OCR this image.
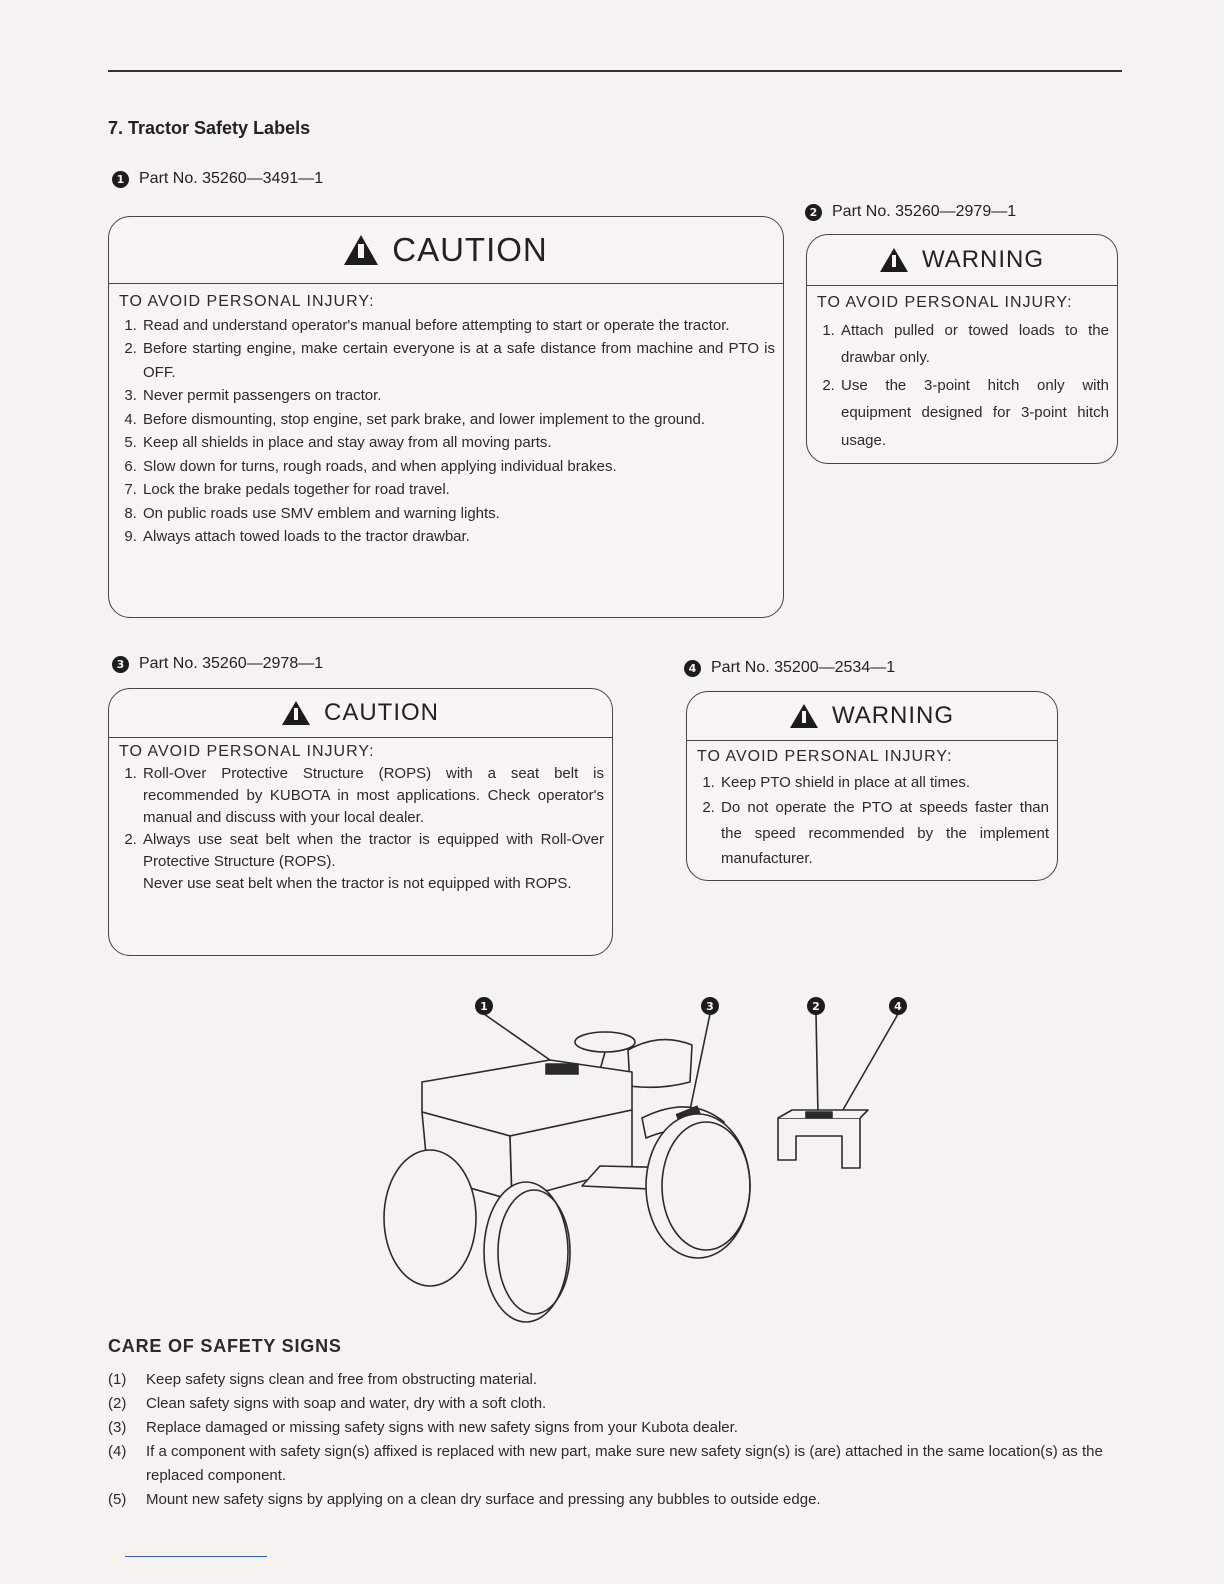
7. Tractor Safety Labels
1 Part No. 35260—3491—1
CAUTION
TO AVOID PERSONAL INJURY:
1. Read and understand operator's manual before attempting to start or operate the tractor.
2. Before starting engine, make certain everyone is at a safe distance from machine and PTO is OFF.
3. Never permit passengers on tractor.
4. Before dismounting, stop engine, set park brake, and lower implement to the ground.
5. Keep all shields in place and stay away from all moving parts.
6. Slow down for turns, rough roads, and when applying individual brakes.
7. Lock the brake pedals together for road travel.
8. On public roads use SMV emblem and warning lights.
9. Always attach towed loads to the tractor drawbar.
2 Part No. 35260—2979—1
WARNING
TO AVOID PERSONAL INJURY:
1. Attach pulled or towed loads to the drawbar only.
2. Use the 3-point hitch only with equipment designed for 3-point hitch usage.
3 Part No. 35260—2978—1
CAUTION
TO AVOID PERSONAL INJURY:
1. Roll-Over Protective Structure (ROPS) with a seat belt is recommended by KUBOTA in most applications. Check operator's manual and discuss with your local dealer.
2. Always use seat belt when the tractor is equipped with Roll-Over Protective Structure (ROPS).
Never use seat belt when the tractor is not equipped with ROPS.
4 Part No. 35200—2534—1
WARNING
TO AVOID PERSONAL INJURY:
1. Keep PTO shield in place at all times.
2. Do not operate the PTO at speeds faster than the speed recommended by the implement manufacturer.
1	3	2	4
CARE OF SAFETY SIGNS
(1)	Keep safety signs clean and free from obstructing material.
(2)	Clean safety signs with soap and water, dry with a soft cloth.
(3)	Replace damaged or missing safety signs with new safety signs from your Kubota dealer.
(4)	If a component with safety sign(s) affixed is replaced with new part, make sure new safety sign(s) is (are) attached in the same location(s) as the replaced component.
(5)	Mount new safety signs by applying on a clean dry surface and pressing any bubbles to outside edge.
